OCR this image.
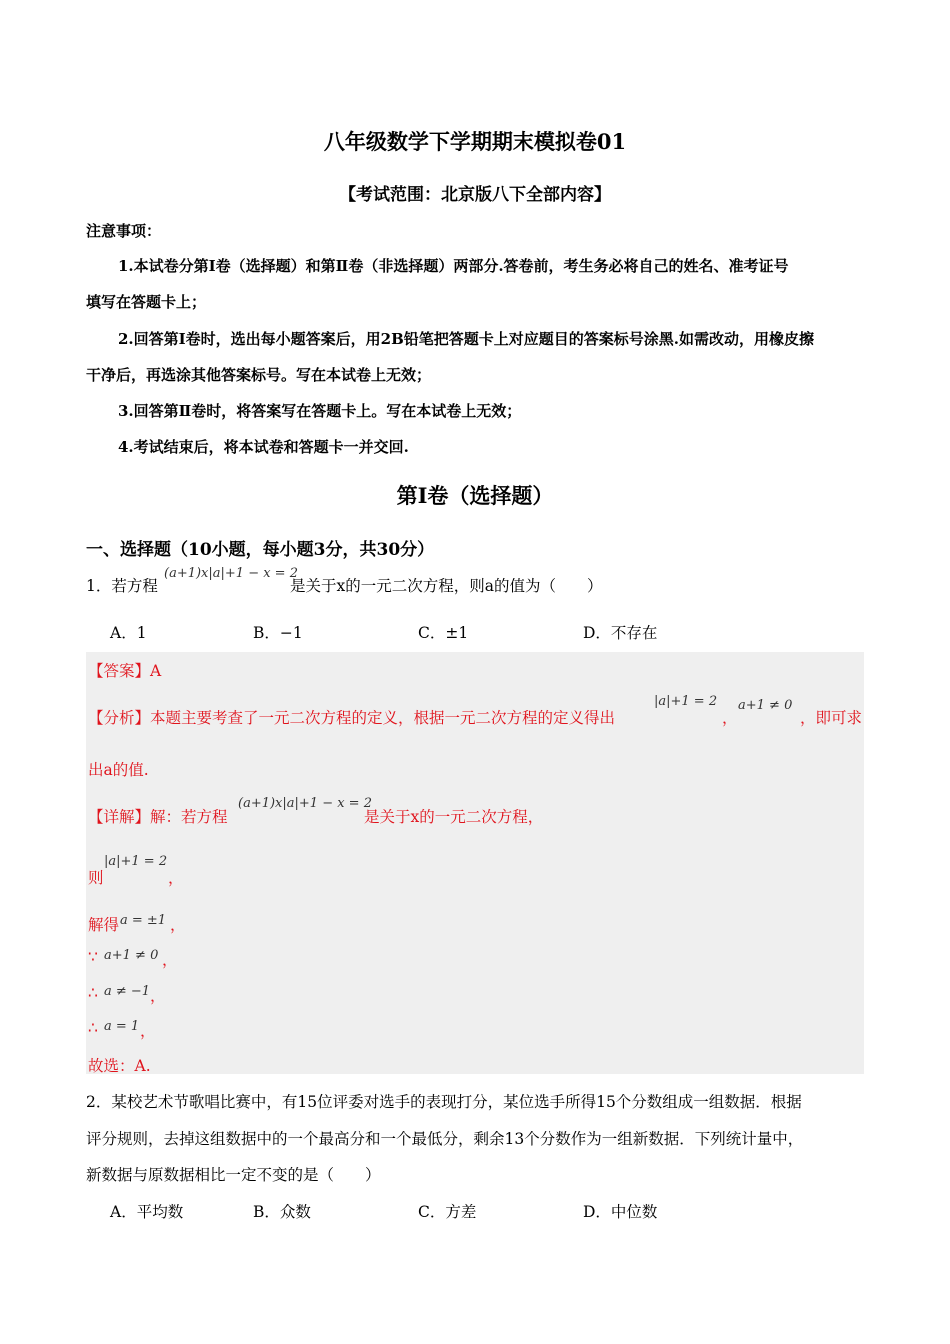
八年级数学下学期期末模拟卷01
【考试范围：北京版八下全部内容】
注意事项：
1.本试卷分第Ⅰ卷（选择题）和第Ⅱ卷（非选择题）两部分.答卷前，考生务必将自己的姓名、准考证号
填写在答题卡上；
2.回答第Ⅰ卷时，选出每小题答案后，用2B铅笔把答题卡上对应题目的答案标号涂黑.如需改动，用橡皮擦
干净后，再选涂其他答案标号。写在本试卷上无效；
3.回答第Ⅱ卷时，将答案写在答题卡上。写在本试卷上无效；
4.考试结束后，将本试卷和答题卡一并交回.
第I卷（选择题）
一、选择题（10小题，每小题3分，共30分）
1．若方程
(a+1)x|a|+1 − x = 2
是关于x的一元二次方程，则a的值为（　　）
A．1	B．−1	C．±1	D．不存在
【答案】A
【分析】 本题主要考查了一元二次方程的定义，根据一元二次方程的定义得出
|a|+1 = 2
，
a+1 ≠ 0
，即可求
出a的值.
【详解】 解：若方程
(a+1)x|a|+1 − x = 2
是关于x的一元二次方程，
则
|a|+1 = 2
，
解得 a = ±1 ，
∵ a+1 ≠ 0 ，
∴ a ≠ −1 ，
∴ a = 1 ，
故选：A.
2．某校艺术节歌唱比赛中，有15位评委对选手的表现打分，某位选手所得15个分数组成一组数据．根据
评分规则，去掉这组数据中的一个最高分和一个最低分，剩余13个分数作为一组新数据．下列统计量中，
新数据与原数据相比一定不变的是（　　）
A．平均数	B．众数	C．方差	D．中位数
